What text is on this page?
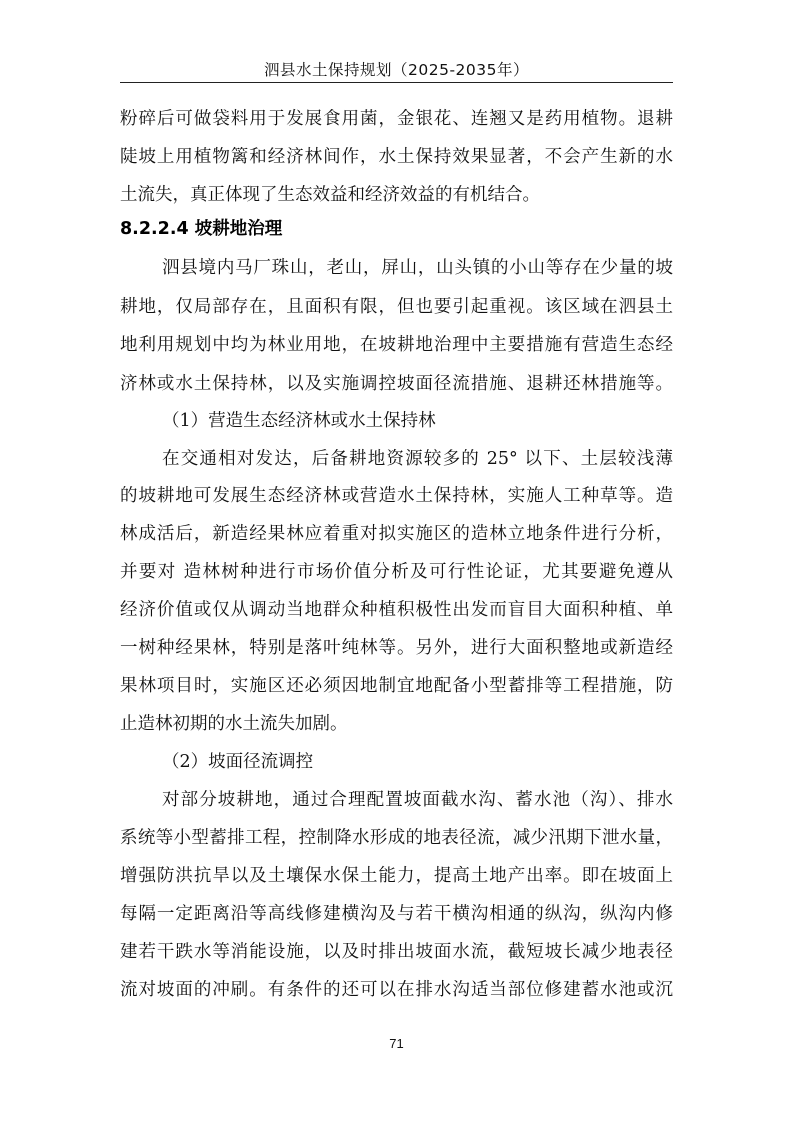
泗县水土保持规划（2025-2035年）
粉碎后可做袋料用于发展食用菌，金银花、连翘又是药用植物。退耕
陡坡上用植物篱和经济林间作，水土保持效果显著，不会产生新的水
土流失，真正体现了生态效益和经济效益的有机结合。
8.2.2.4 坡耕地治理
泗县境内马厂珠山，老山，屏山，山头镇的小山等存在少量的坡
耕地，仅局部存在，且面积有限，但也要引起重视。该区域在泗县土
地利用规划中均为林业用地，在坡耕地治理中主要措施有营造生态经
济林或水土保持林，以及实施调控坡面径流措施、退耕还林措施等。
（1）营造生态经济林或水土保持林
在交通相对发达，后备耕地资源较多的 25° 以下、土层较浅薄
的坡耕地可发展生态经济林或营造水土保持林，实施人工种草等。造
林成活后，新造经果林应着重对拟实施区的造林立地条件进行分析，
并要对 造林树种进行市场价值分析及可行性论证，尤其要避免遵从
经济价值或仅从调动当地群众种植积极性出发而盲目大面积种植、单
一树种经果林，特别是落叶纯林等。另外，进行大面积整地或新造经
果林项目时，实施区还必须因地制宜地配备小型蓄排等工程措施，防
止造林初期的水土流失加剧。
（2）坡面径流调控
对部分坡耕地，通过合理配置坡面截水沟、蓄水池（沟）、排水
系统等小型蓄排工程，控制降水形成的地表径流，减少汛期下泄水量，
增强防洪抗旱以及土壤保水保土能力，提高土地产出率。即在坡面上
每隔一定距离沿等高线修建横沟及与若干横沟相通的纵沟，纵沟内修
建若干跌水等消能设施，以及时排出坡面水流，截短坡长减少地表径
流对坡面的冲刷。有条件的还可以在排水沟适当部位修建蓄水池或沉
71
